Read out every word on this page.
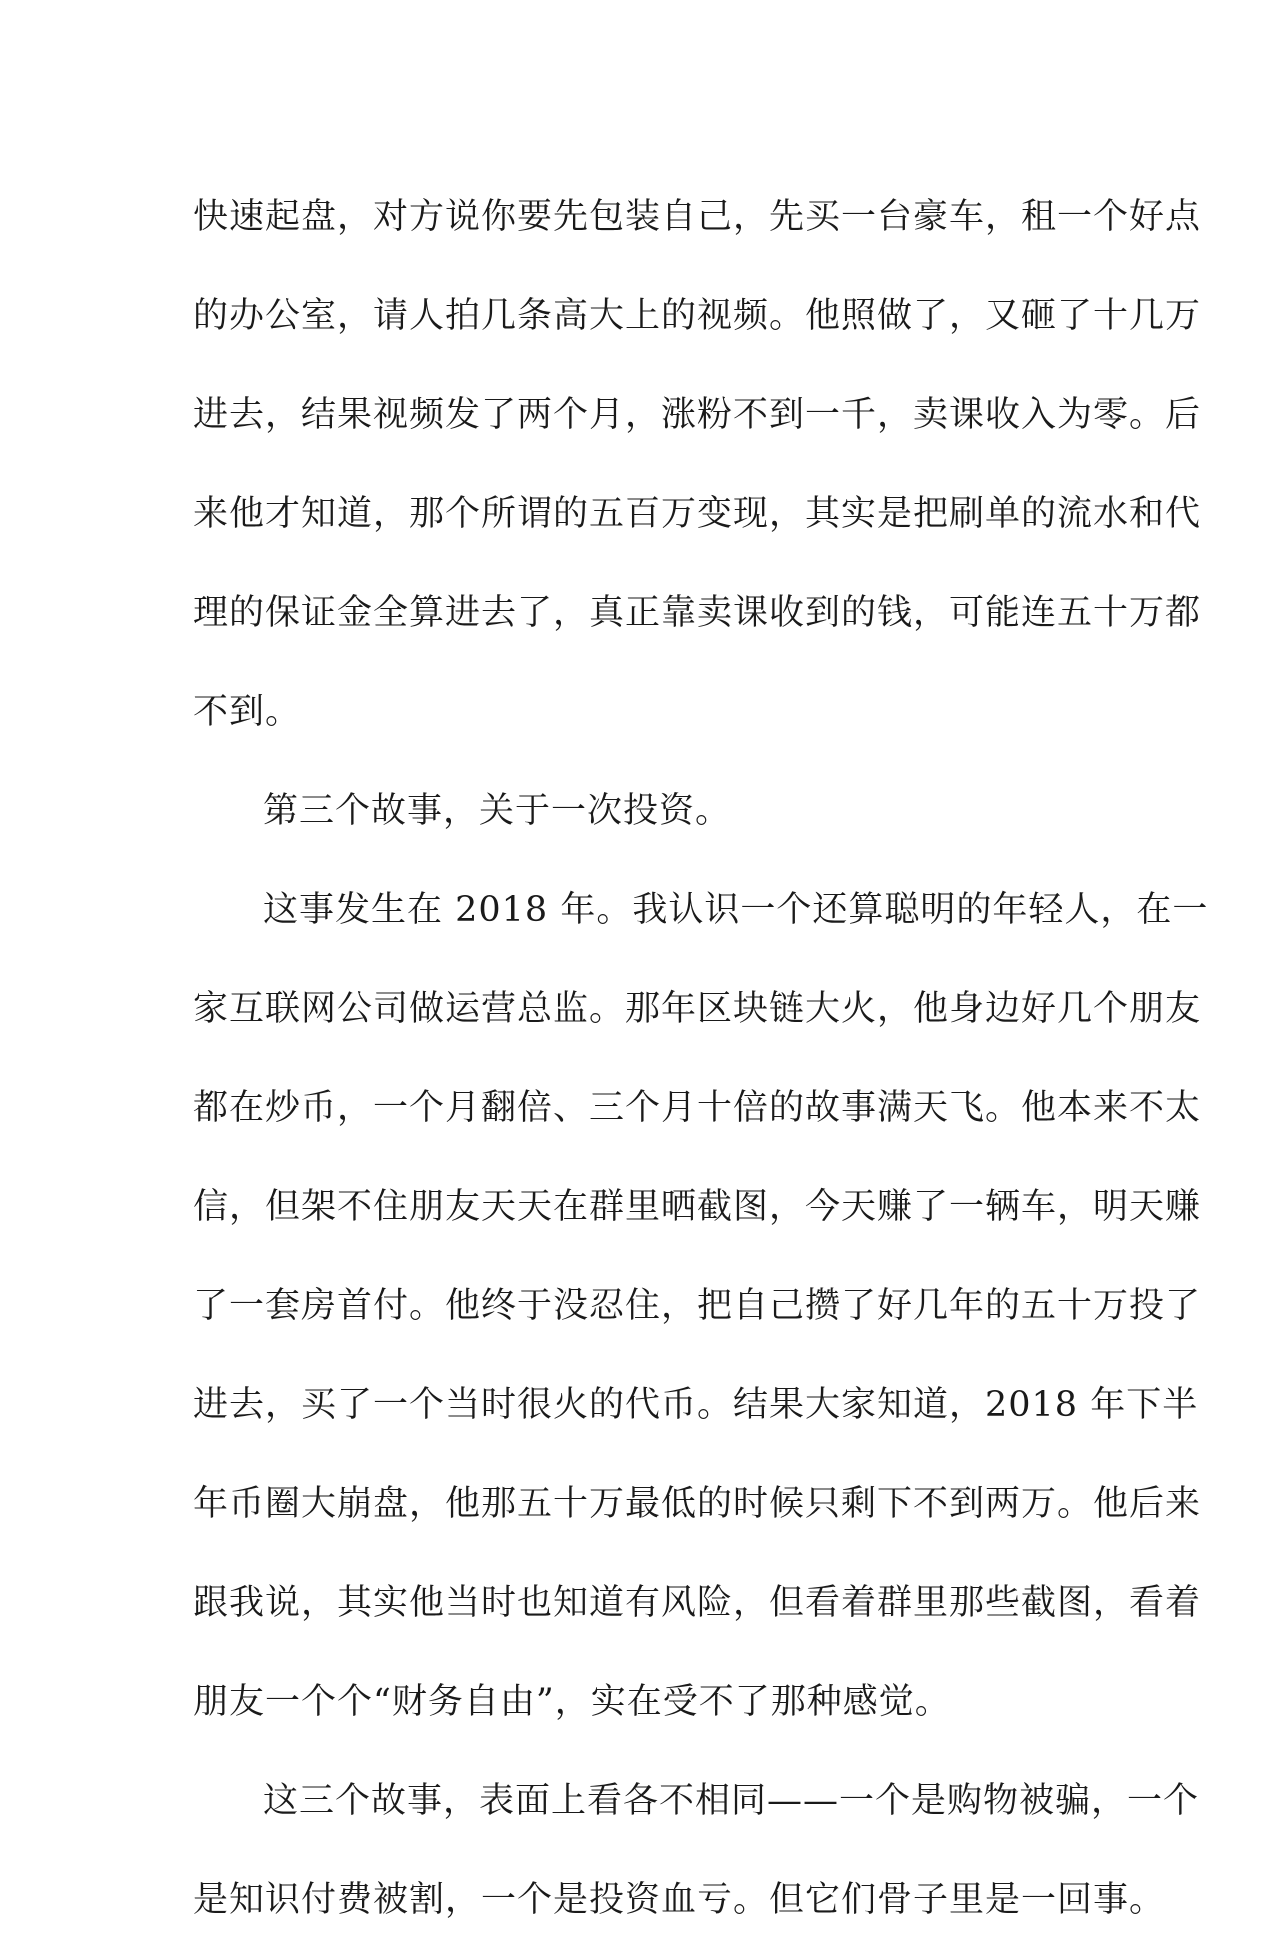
快速起盘，对方说你要先包装自己，先买一台豪车，租一个好点
的办公室，请人拍几条高大上的视频。他照做了，又砸了十几万
进去，结果视频发了两个月，涨粉不到一千，卖课收入为零。后
来他才知道，那个所谓的五百万变现，其实是把刷单的流水和代
理的保证金全算进去了，真正靠卖课收到的钱，可能连五十万都
不到。
第三个故事，关于一次投资。
这事发生在 2018 年。我认识一个还算聪明的年轻人，在一
家互联网公司做运营总监。那年区块链大火，他身边好几个朋友
都在炒币，一个月翻倍、三个月十倍的故事满天飞。他本来不太
信，但架不住朋友天天在群里晒截图，今天赚了一辆车，明天赚
了一套房首付。他终于没忍住，把自己攒了好几年的五十万投了
进去，买了一个当时很火的代币。结果大家知道，2018 年下半
年币圈大崩盘，他那五十万最低的时候只剩下不到两万。他后来
跟我说，其实他当时也知道有风险，但看着群里那些截图，看着
朋友一个个“财务自由”，实在受不了那种感觉。
这三个故事，表面上看各不相同——一个是购物被骗，一个
是知识付费被割，一个是投资血亏。但它们骨子里是一回事。
